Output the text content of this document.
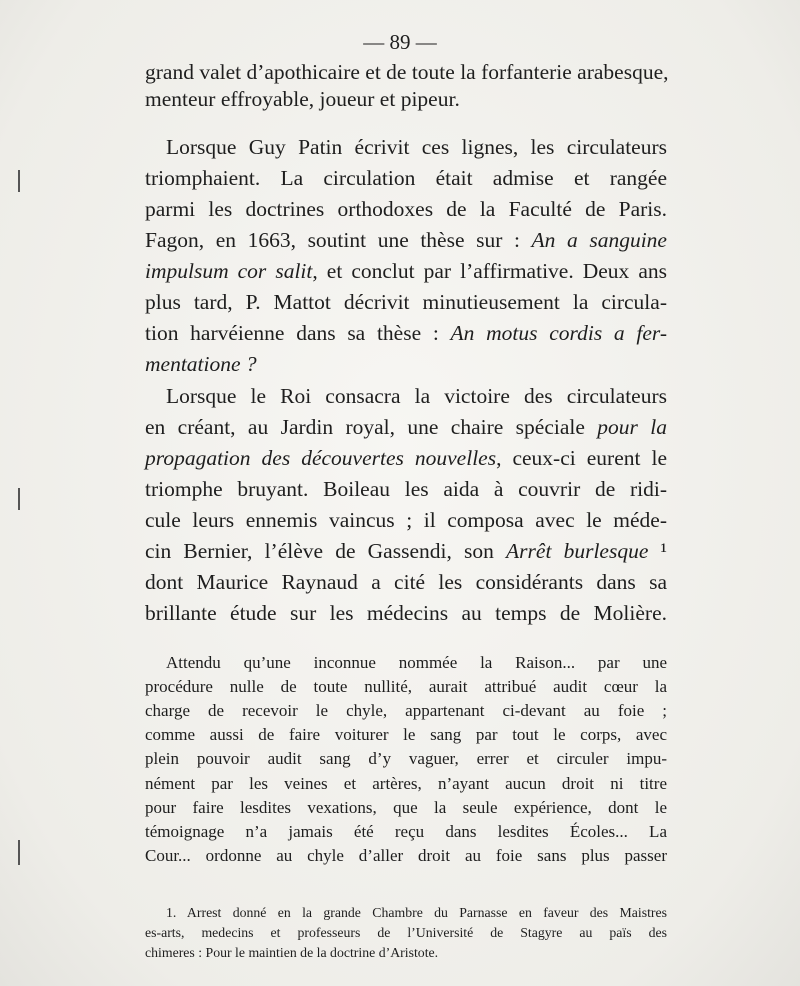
— 89 —
grand valet d’apothicaire et de toute la forfanterie arabesque,
menteur effroyable, joueur et pipeur.
Lorsque Guy Patin écrivit ces lignes, les circulateurs
triomphaient. La circulation était admise et rangée
parmi les doctrines orthodoxes de la Faculté de Paris.
Fagon, en 1663, soutint une thèse sur : An a sanguine
impulsum cor salit, et conclut par l’affirmative. Deux ans
plus tard, P. Mattot décrivit minutieusement la circula-
tion harvéienne dans sa thèse : An motus cordis a fer-
mentatione ?
Lorsque le Roi consacra la victoire des circulateurs
en créant, au Jardin royal, une chaire spéciale pour la
propagation des découvertes nouvelles, ceux-ci eurent le
triomphe bruyant. Boileau les aida à couvrir de ridi-
cule leurs ennemis vaincus ; il composa avec le méde-
cin Bernier, l’élève de Gassendi, son Arrêt burlesque ¹
dont Maurice Raynaud a cité les considérants dans sa
brillante étude sur les médecins au temps de Molière.
Attendu qu’une inconnue nommée la Raison... par une
procédure nulle de toute nullité, aurait attribué audit cœur la
charge de recevoir le chyle, appartenant ci-devant au foie ;
comme aussi de faire voiturer le sang par tout le corps, avec
plein pouvoir audit sang d’y vaguer, errer et circuler impu-
nément par les veines et artères, n’ayant aucun droit ni titre
pour faire lesdites vexations, que la seule expérience, dont le
témoignage n’a jamais été reçu dans lesdites Écoles... La
Cour... ordonne au chyle d’aller droit au foie sans plus passer
1. Arrest donné en la grande Chambre du Parnasse en faveur des Maistres
es-arts, medecins et professeurs de l’Université de Stagyre au païs des
chimeres : Pour le maintien de la doctrine d’Aristote.
